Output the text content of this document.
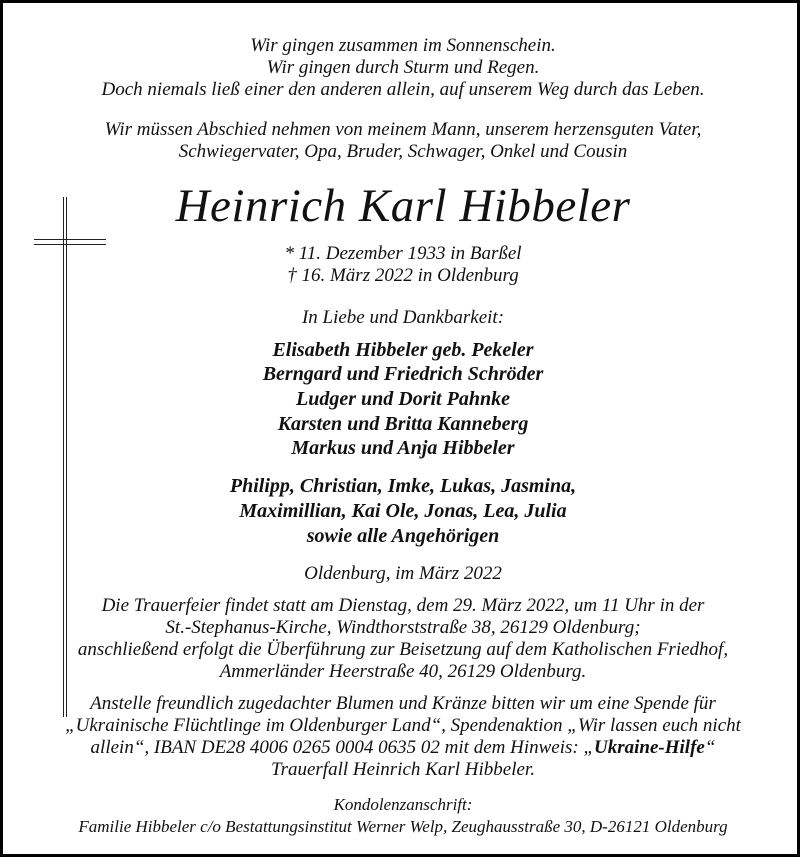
Wir gingen zusammen im Sonnenschein.
Wir gingen durch Sturm und Regen.
Doch niemals ließ einer den anderen allein, auf unserem Weg durch das Leben.
Wir müssen Abschied nehmen von meinem Mann, unserem herzensguten Vater,
Schwiegervater, Opa, Bruder, Schwager, Onkel und Cousin
Heinrich Karl Hibbeler
* 11. Dezember 1933 in Barßel
† 16. März 2022 in Oldenburg
In Liebe und Dankbarkeit:
Elisabeth Hibbeler geb. Pekeler
Berngard und Friedrich Schröder
Ludger und Dorit Pahnke
Karsten und Britta Kanneberg
Markus und Anja Hibbeler
Philipp, Christian, Imke, Lukas, Jasmina,
Maximillian, Kai Ole, Jonas, Lea, Julia
sowie alle Angehörigen
Oldenburg, im März 2022
Die Trauerfeier findet statt am Dienstag, dem 29. März 2022, um 11 Uhr in der
St.-Stephanus-Kirche, Windthorststraße 38, 26129 Oldenburg;
anschließend erfolgt die Überführung zur Beisetzung auf dem Katholischen Friedhof,
Ammerländer Heerstraße 40, 26129 Oldenburg.
Anstelle freundlich zugedachter Blumen und Kränze bitten wir um eine Spende für
„Ukrainische Flüchtlinge im Oldenburger Land“, Spendenaktion „Wir lassen euch nicht
allein“, IBAN DE28 4006 0265 0004 0635 02 mit dem Hinweis: „Ukraine-Hilfe“
Trauerfall Heinrich Karl Hibbeler.
Kondolenzanschrift:
Familie Hibbeler c/o Bestattungsinstitut Werner Welp, Zeughausstraße 30, D-26121 Oldenburg
